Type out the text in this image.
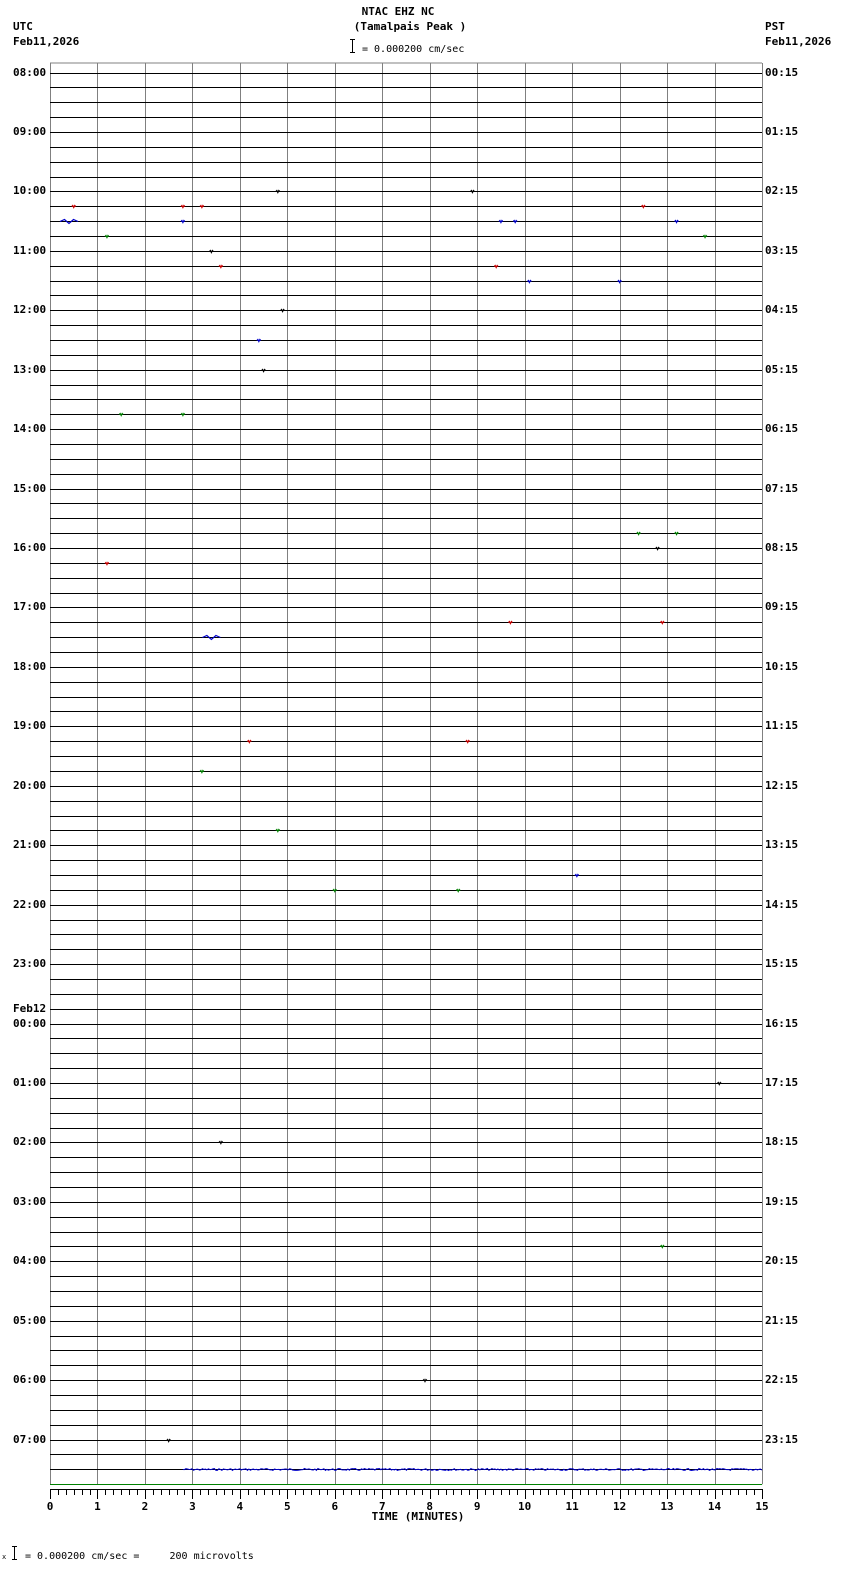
NTAC EHZ NC
(Tamalpais Peak )
= 0.000200 cm/sec
UTC
Feb11,2026
PST
Feb11,2026
0	1	2	3	4	5	6	7	8	9	10	11	12	13	14	15
TIME (MINUTES)
x = 0.000200 cm/sec =     200 microvolts
08:00
09:00
10:00
11:00
12:00
13:00
14:00
15:00
16:00
17:00
18:00
19:00
20:00
21:00
22:00
23:00
00:00
Feb12
01:00
02:00
03:00
04:00
05:00
06:00
07:00
00:15
01:15
02:15
03:15
04:15
05:15
06:15
07:15
08:15
09:15
10:15
11:15
12:15
13:15
14:15
15:15
16:15
17:15
18:15
19:15
20:15
21:15
22:15
23:15
